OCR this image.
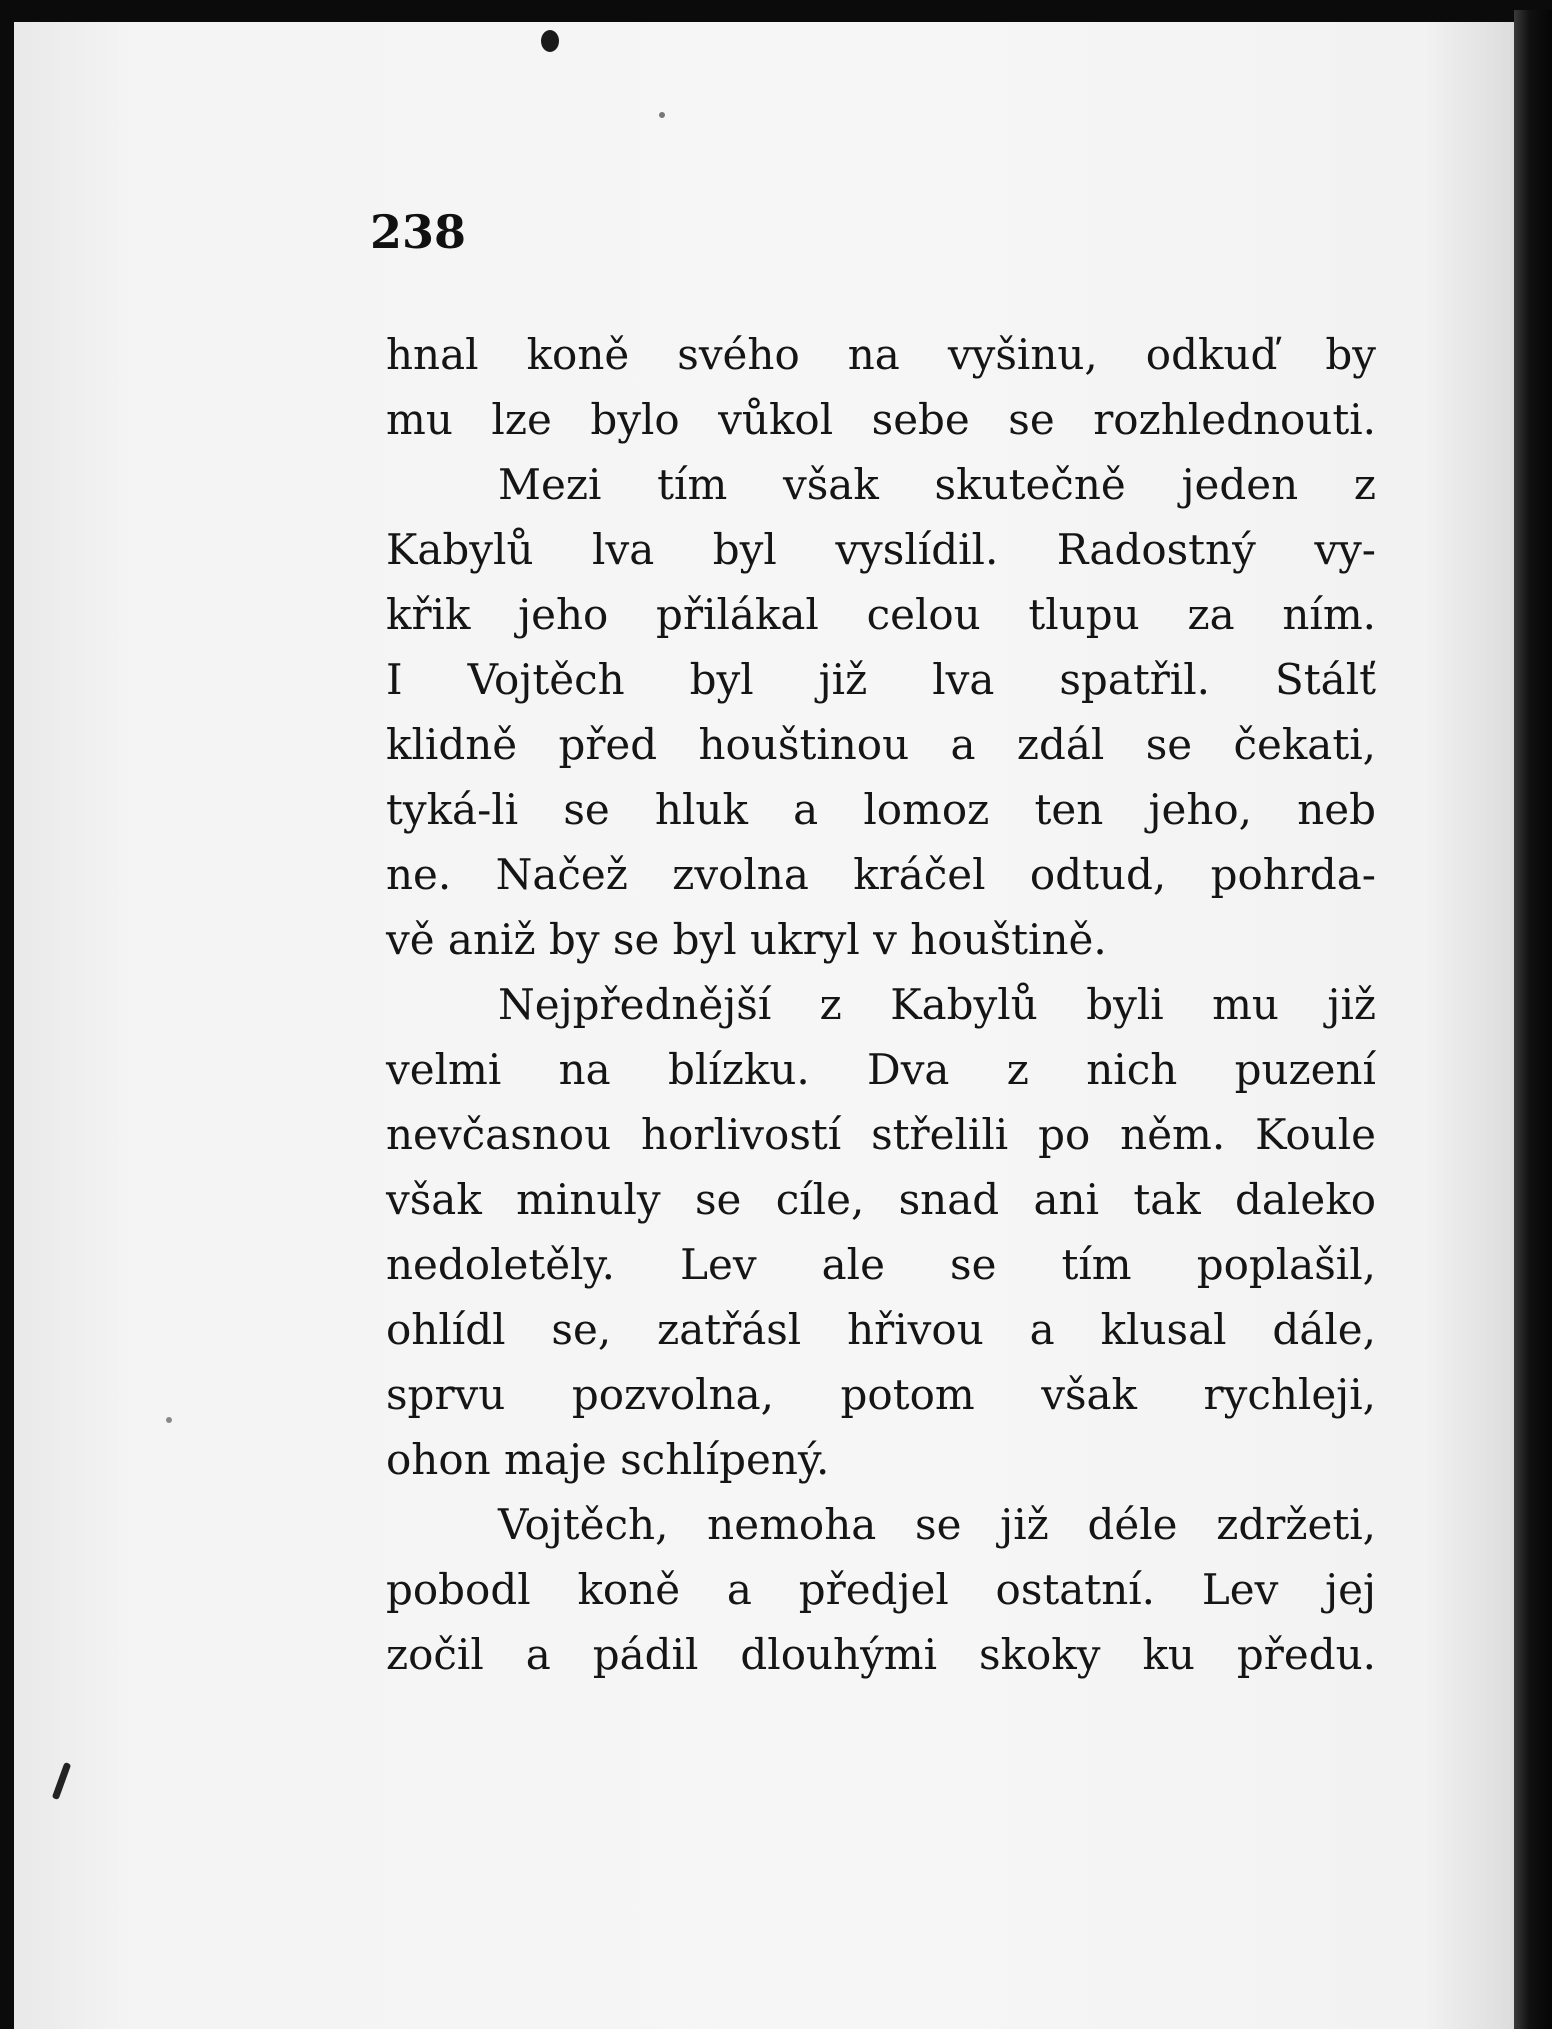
238
hnal koně svého na vyšinu, odkuď by
mu lze bylo vůkol sebe se rozhlednouti.
Mezi tím však skutečně jeden z
Kabylů lva byl vyslídil. Radostný vy-
křik jeho přilákal celou tlupu za ním.
I Vojtěch byl již lva spatřil. Stálť
klidně před houštinou a zdál se čekati,
tyká-li se hluk a lomoz ten jeho, neb
ne. Načež zvolna kráčel odtud, pohrda-
vě aniž by se byl ukryl v houštině.
Nejpřednější z Kabylů byli mu již
velmi na blízku. Dva z nich puzení
nevčasnou horlivostí střelili po něm. Koule
však minuly se cíle, snad ani tak daleko
nedoletěly. Lev ale se tím poplašil,
ohlídl se, zatřásl hřivou a klusal dále,
sprvu pozvolna, potom však rychleji,
ohon maje schlípený.
Vojtěch, nemoha se již déle zdržeti,
pobodl koně a předjel ostatní. Lev jej
zočil a pádil dlouhými skoky ku předu.
